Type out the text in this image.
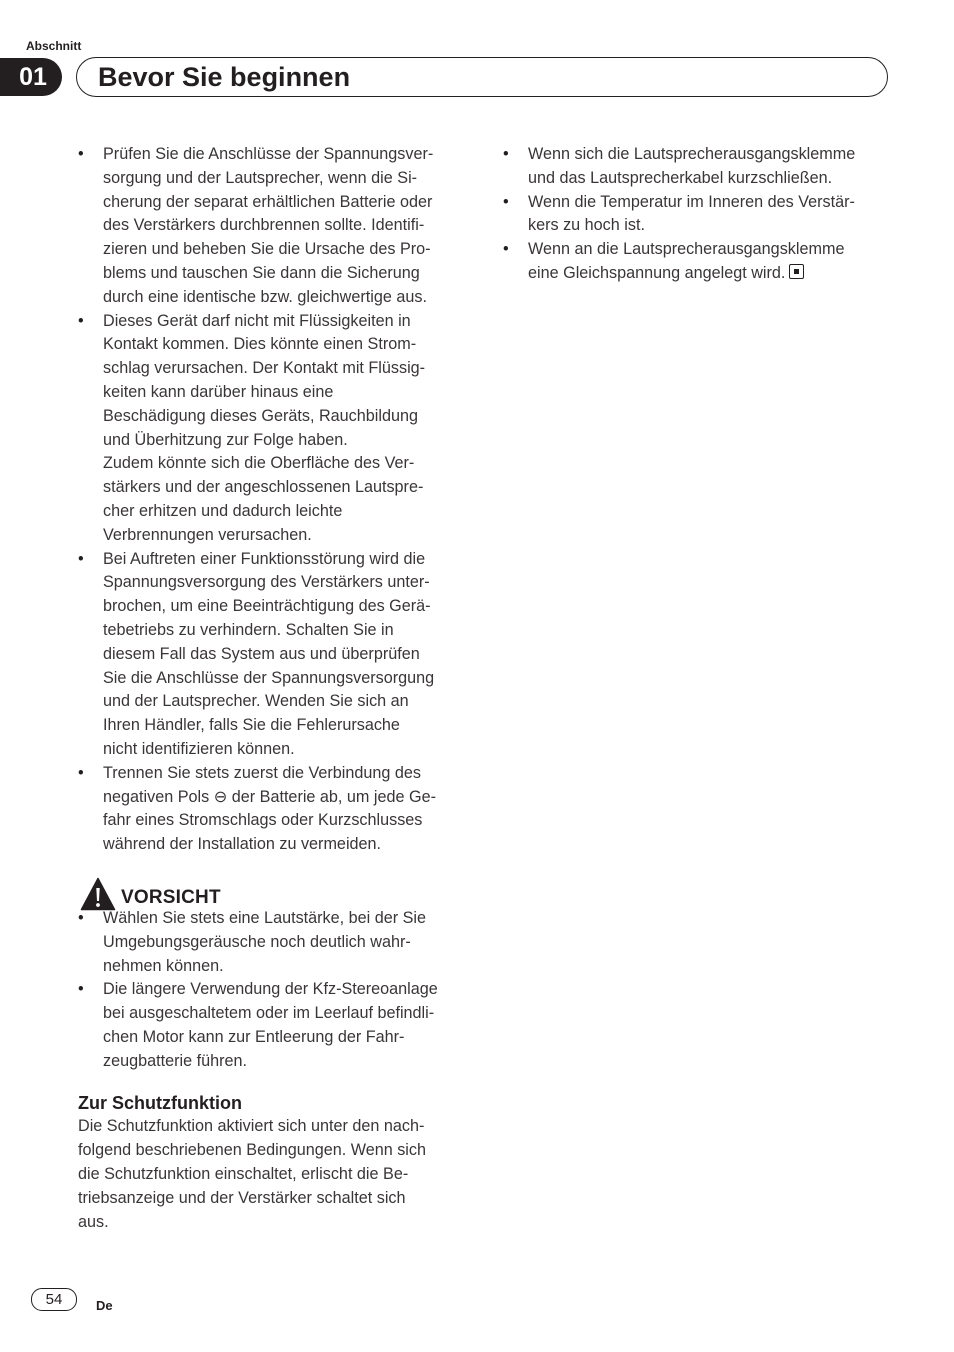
Abschnitt
01	Bevor Sie beginnen
• Prüfen Sie die Anschlüsse der Spannungsver-
sorgung und der Lautsprecher, wenn die Si-
cherung der separat erhältlichen Batterie oder
des Verstärkers durchbrennen sollte. Identifi-
zieren und beheben Sie die Ursache des Pro-
blems und tauschen Sie dann die Sicherung
durch eine identische bzw. gleichwertige aus.
• Dieses Gerät darf nicht mit Flüssigkeiten in
Kontakt kommen. Dies könnte einen Strom-
schlag verursachen. Der Kontakt mit Flüssig-
keiten kann darüber hinaus eine
Beschädigung dieses Geräts, Rauchbildung
und Überhitzung zur Folge haben.
Zudem könnte sich die Oberfläche des Ver-
stärkers und der angeschlossenen Lautspre-
cher erhitzen und dadurch leichte
Verbrennungen verursachen.
• Bei Auftreten einer Funktionsstörung wird die
Spannungsversorgung des Verstärkers unter-
brochen, um eine Beeinträchtigung des Gerä-
tebetriebs zu verhindern. Schalten Sie in
diesem Fall das System aus und überprüfen
Sie die Anschlüsse der Spannungsversorgung
und der Lautsprecher. Wenden Sie sich an
Ihren Händler, falls Sie die Fehlerursache
nicht identifizieren können.
• Trennen Sie stets zuerst die Verbindung des
negativen Pols ⊖ der Batterie ab, um jede Ge-
fahr eines Stromschlags oder Kurzschlusses
während der Installation zu vermeiden.
VORSICHT
• Wählen Sie stets eine Lautstärke, bei der Sie
Umgebungsgeräusche noch deutlich wahr-
nehmen können.
• Die längere Verwendung der Kfz-Stereoanlage
bei ausgeschaltetem oder im Leerlauf befindli-
chen Motor kann zur Entleerung der Fahr-
zeugbatterie führen.
Zur Schutzfunktion
Die Schutzfunktion aktiviert sich unter den nach-
folgend beschriebenen Bedingungen. Wenn sich
die Schutzfunktion einschaltet, erlischt die Be-
triebsanzeige und der Verstärker schaltet sich
aus.
• Wenn sich die Lautsprecherausgangsklemme
und das Lautsprecherkabel kurzschließen.
• Wenn die Temperatur im Inneren des Verstär-
kers zu hoch ist.
• Wenn an die Lautsprecherausgangsklemme
eine Gleichspannung angelegt wird.
54	De
